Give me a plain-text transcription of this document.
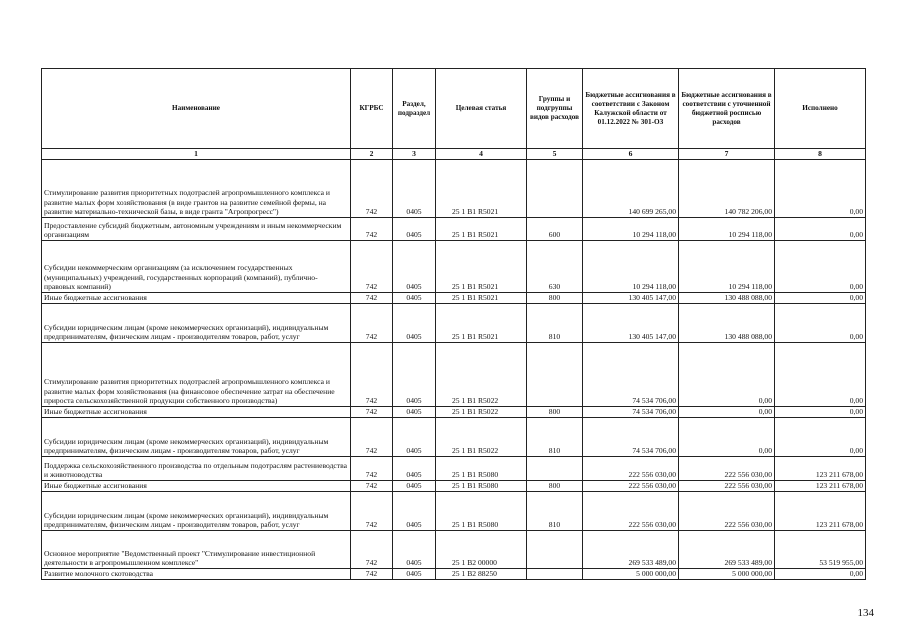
Наименование	КГРБС	Раздел, подраздел	Целевая статья	Группы и подгруппы видов расходов	Бюджетные ассигнования в соответствии с Законом Калужской области от 01.12.2022 № 301-ОЗ	Бюджетные ассигнования в соответствии с уточненной бюджетной росписью расходов	Исполнено
1	2	3	4	5	6	7	8
Стимулирование развития приоритетных подотраслей агропромышленного комплекса и развитие малых форм хозяйствования (в виде грантов на развитие семейной фермы, на развитие материально-технической базы, в виде гранта "Агропрогресс")	742	0405	25 1 B1 R5021		140 699 265,00	140 782 206,00	0,00
Предоставление субсидий бюджетным, автономным учреждениям и иным некоммерческим организациям	742	0405	25 1 B1 R5021	600	10 294 118,00	10 294 118,00	0,00
Субсидии некоммерческим организациям (за исключением государственных (муниципальных) учреждений, государственных корпораций (компаний), публично-правовых компаний)	742	0405	25 1 B1 R5021	630	10 294 118,00	10 294 118,00	0,00
Иные бюджетные ассигнования	742	0405	25 1 B1 R5021	800	130 405 147,00	130 488 088,00	0,00
Субсидии юридическим лицам (кроме некоммерческих организаций), индивидуальным предпринимателям, физическим лицам - производителям товаров, работ, услуг	742	0405	25 1 B1 R5021	810	130 405 147,00	130 488 088,00	0,00
Стимулирование развития приоритетных подотраслей агропромышленного комплекса и развитие малых форм хозяйствования (на финансовое обеспечение затрат на обеспечение прироста сельскохозяйственной продукции собственного производства)	742	0405	25 1 B1 R5022		74 534 706,00	0,00	0,00
Иные бюджетные ассигнования	742	0405	25 1 B1 R5022	800	74 534 706,00	0,00	0,00
Субсидии юридическим лицам (кроме некоммерческих организаций), индивидуальным предпринимателям, физическим лицам - производителям товаров, работ, услуг	742	0405	25 1 B1 R5022	810	74 534 706,00	0,00	0,00
Поддержка сельскохозяйственного производства по отдельным подотраслям растениеводства и животноводства	742	0405	25 1 B1 R5080		222 556 030,00	222 556 030,00	123 211 678,00
Иные бюджетные ассигнования	742	0405	25 1 B1 R5080	800	222 556 030,00	222 556 030,00	123 211 678,00
Субсидии юридическим лицам (кроме некоммерческих организаций), индивидуальным предпринимателям, физическим лицам - производителям товаров, работ, услуг	742	0405	25 1 B1 R5080	810	222 556 030,00	222 556 030,00	123 211 678,00
Основное мероприятие "Ведомственный проект "Стимулирование инвестиционной деятельности в агропромышленном комплексе"	742	0405	25 1 B2 00000		269 533 489,00	269 533 489,00	53 519 955,00
Развитие молочного скотоводства	742	0405	25 1 B2 88250		5 000 000,00	5 000 000,00	0,00
134
